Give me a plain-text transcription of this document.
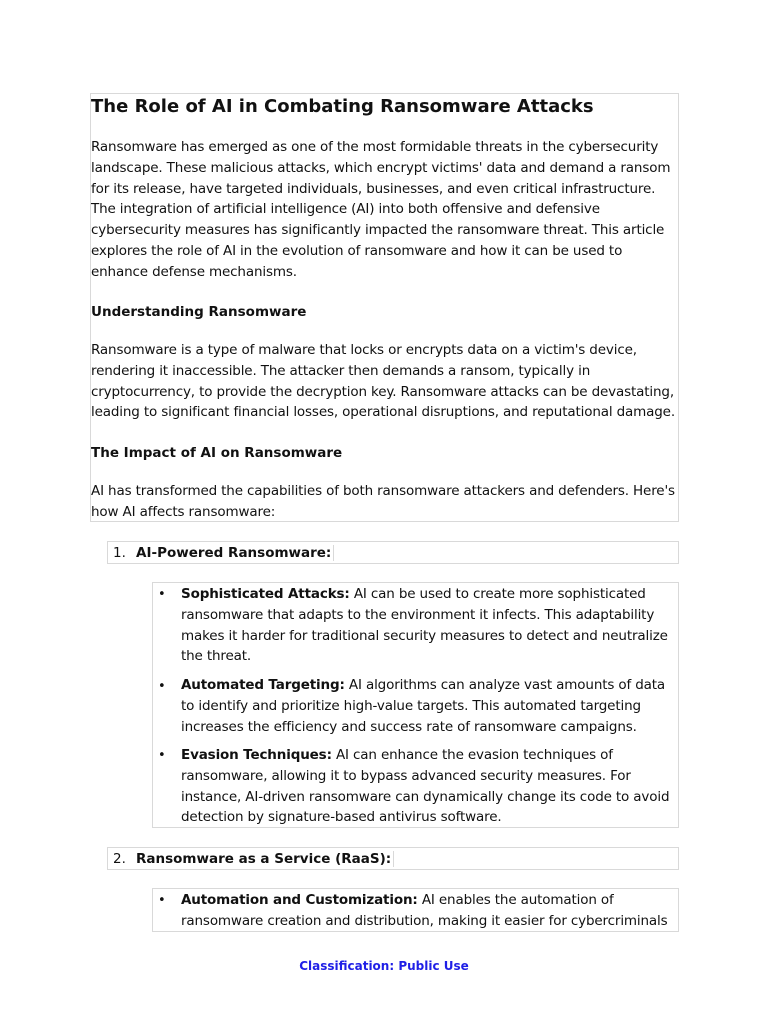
The Role of AI in Combating Ransomware Attacks

Ransomware has emerged as one of the most formidable threats in the cybersecurity landscape. These malicious attacks, which encrypt victims' data and demand a ransom for its release, have targeted individuals, businesses, and even critical infrastructure. The integration of artificial intelligence (AI) into both offensive and defensive cybersecurity measures has significantly impacted the ransomware threat. This article explores the role of AI in the evolution of ransomware and how it can be used to enhance defense mechanisms.

Understanding Ransomware

Ransomware is a type of malware that locks or encrypts data on a victim's device, rendering it inaccessible. The attacker then demands a ransom, typically in cryptocurrency, to provide the decryption key. Ransomware attacks can be devastating, leading to significant financial losses, operational disruptions, and reputational damage.

The Impact of AI on Ransomware

AI has transformed the capabilities of both ransomware attackers and defenders. Here's how AI affects ransomware:

1. AI-Powered Ransomware:
• Sophisticated Attacks: AI can be used to create more sophisticated ransomware that adapts to the environment it infects. This adaptability makes it harder for traditional security measures to detect and neutralize the threat.

• Automated Targeting: AI algorithms can analyze vast amounts of data to identify and prioritize high-value targets. This automated targeting increases the efficiency and success rate of ransomware campaigns.

• Evasion Techniques: AI can enhance the evasion techniques of ransomware, allowing it to bypass advanced security measures. For instance, AI-driven ransomware can dynamically change its code to avoid detection by signature-based antivirus software.

2. Ransomware as a Service (RaaS):
• Automation and Customization: AI enables the automation of ransomware creation and distribution, making it easier for cybercriminals

Classification: Public Use
